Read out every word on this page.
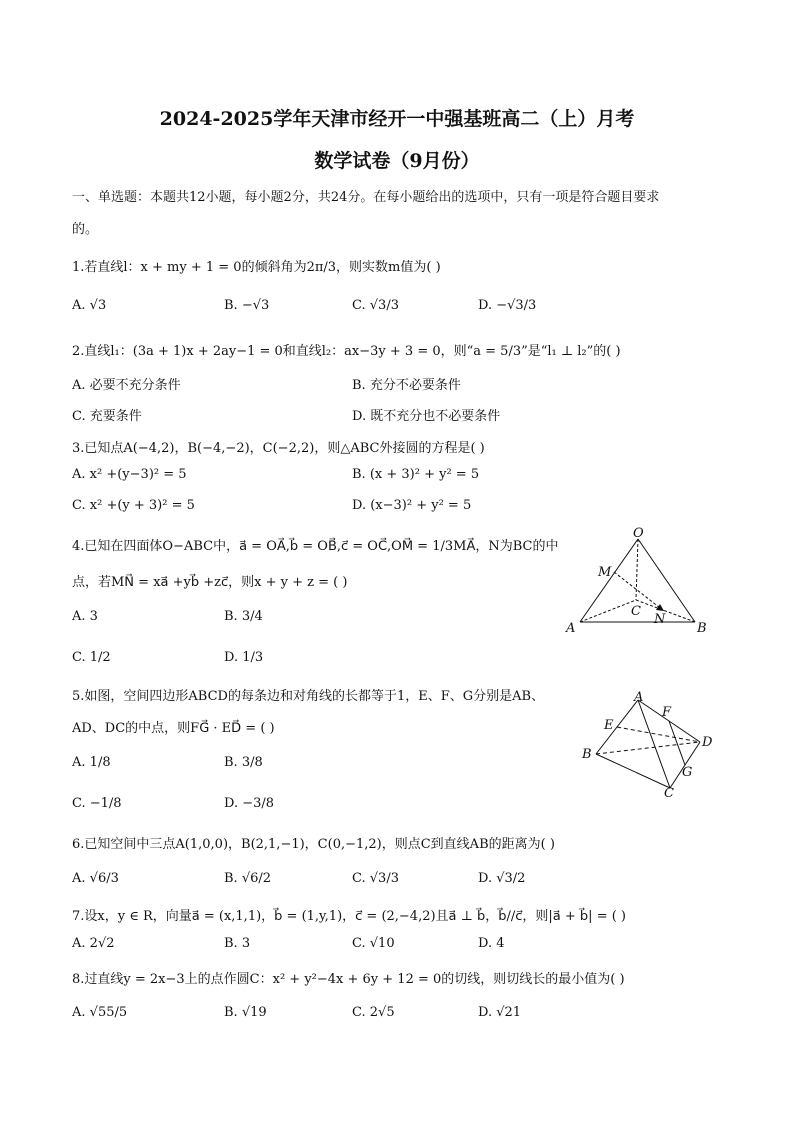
2024-2025学年天津市经开一中强基班高二（上）月考
数学试卷（9月份）
一、单选题：本题共12小题，每小题2分，共24分。在每小题给出的选项中，只有一项是符合题目要求
的。
1.若直线l：x + my + 1 = 0的倾斜角为2π/3，则实数m值为( )
A. √3	B. −√3	C. √3/3	D. −√3/3
2.直线l₁：(3a + 1)x + 2ay−1 = 0和直线l₂：ax−3y + 3 = 0，则“a = 5/3”是“l₁ ⊥ l₂”的( )
A. 必要不充分条件	B. 充分不必要条件
C. 充要条件	D. 既不充分也不必要条件
3.已知点A(−4,2)，B(−4,−2)，C(−2,2)，则△ABC外接圆的方程是( )
A. x² +(y−3)² = 5	B. (x + 3)² + y² = 5
C. x² +(y + 3)² = 5	D. (x−3)² + y² = 5
4.已知在四面体O−ABC中，a⃗ = OA⃗,b⃗ = OB⃗,c⃗ = OC⃗,OM⃗ = 1/3MA⃗，N为BC的中
点，若MN⃗ = xa⃗ +yb⃗ +zc⃗，则x + y + z = ( )
A. 3	B. 3/4
C. 1/2	D. 1/3
O
M
C
N
A	B
5.如图，空间四边形ABCD的每条边和对角线的长都等于1，E、F、G分别是AB、
AD、DC的中点，则FG⃗ · ED⃗ = ( )
A. 1/8	B. 3/8
C. −1/8	D. −3/8
A
E
F
D
B
G
C
6.已知空间中三点A(1,0,0)，B(2,1,−1)，C(0,−1,2)，则点C到直线AB的距离为( )
A. √6/3	B. √6/2	C. √3/3	D. √3/2
7.设x，y ∈ R，向量a⃗ = (x,1,1)，b⃗ = (1,y,1)，c⃗ = (2,−4,2)且a⃗ ⊥ b⃗，b⃗//c⃗，则|a⃗ + b⃗| = ( )
A. 2√2	B. 3	C. √10	D. 4
8.过直线y = 2x−3上的点作圆C：x² + y²−4x + 6y + 12 = 0的切线，则切线长的最小值为( )
A. √55/5	B. √19	C. 2√5	D. √21
